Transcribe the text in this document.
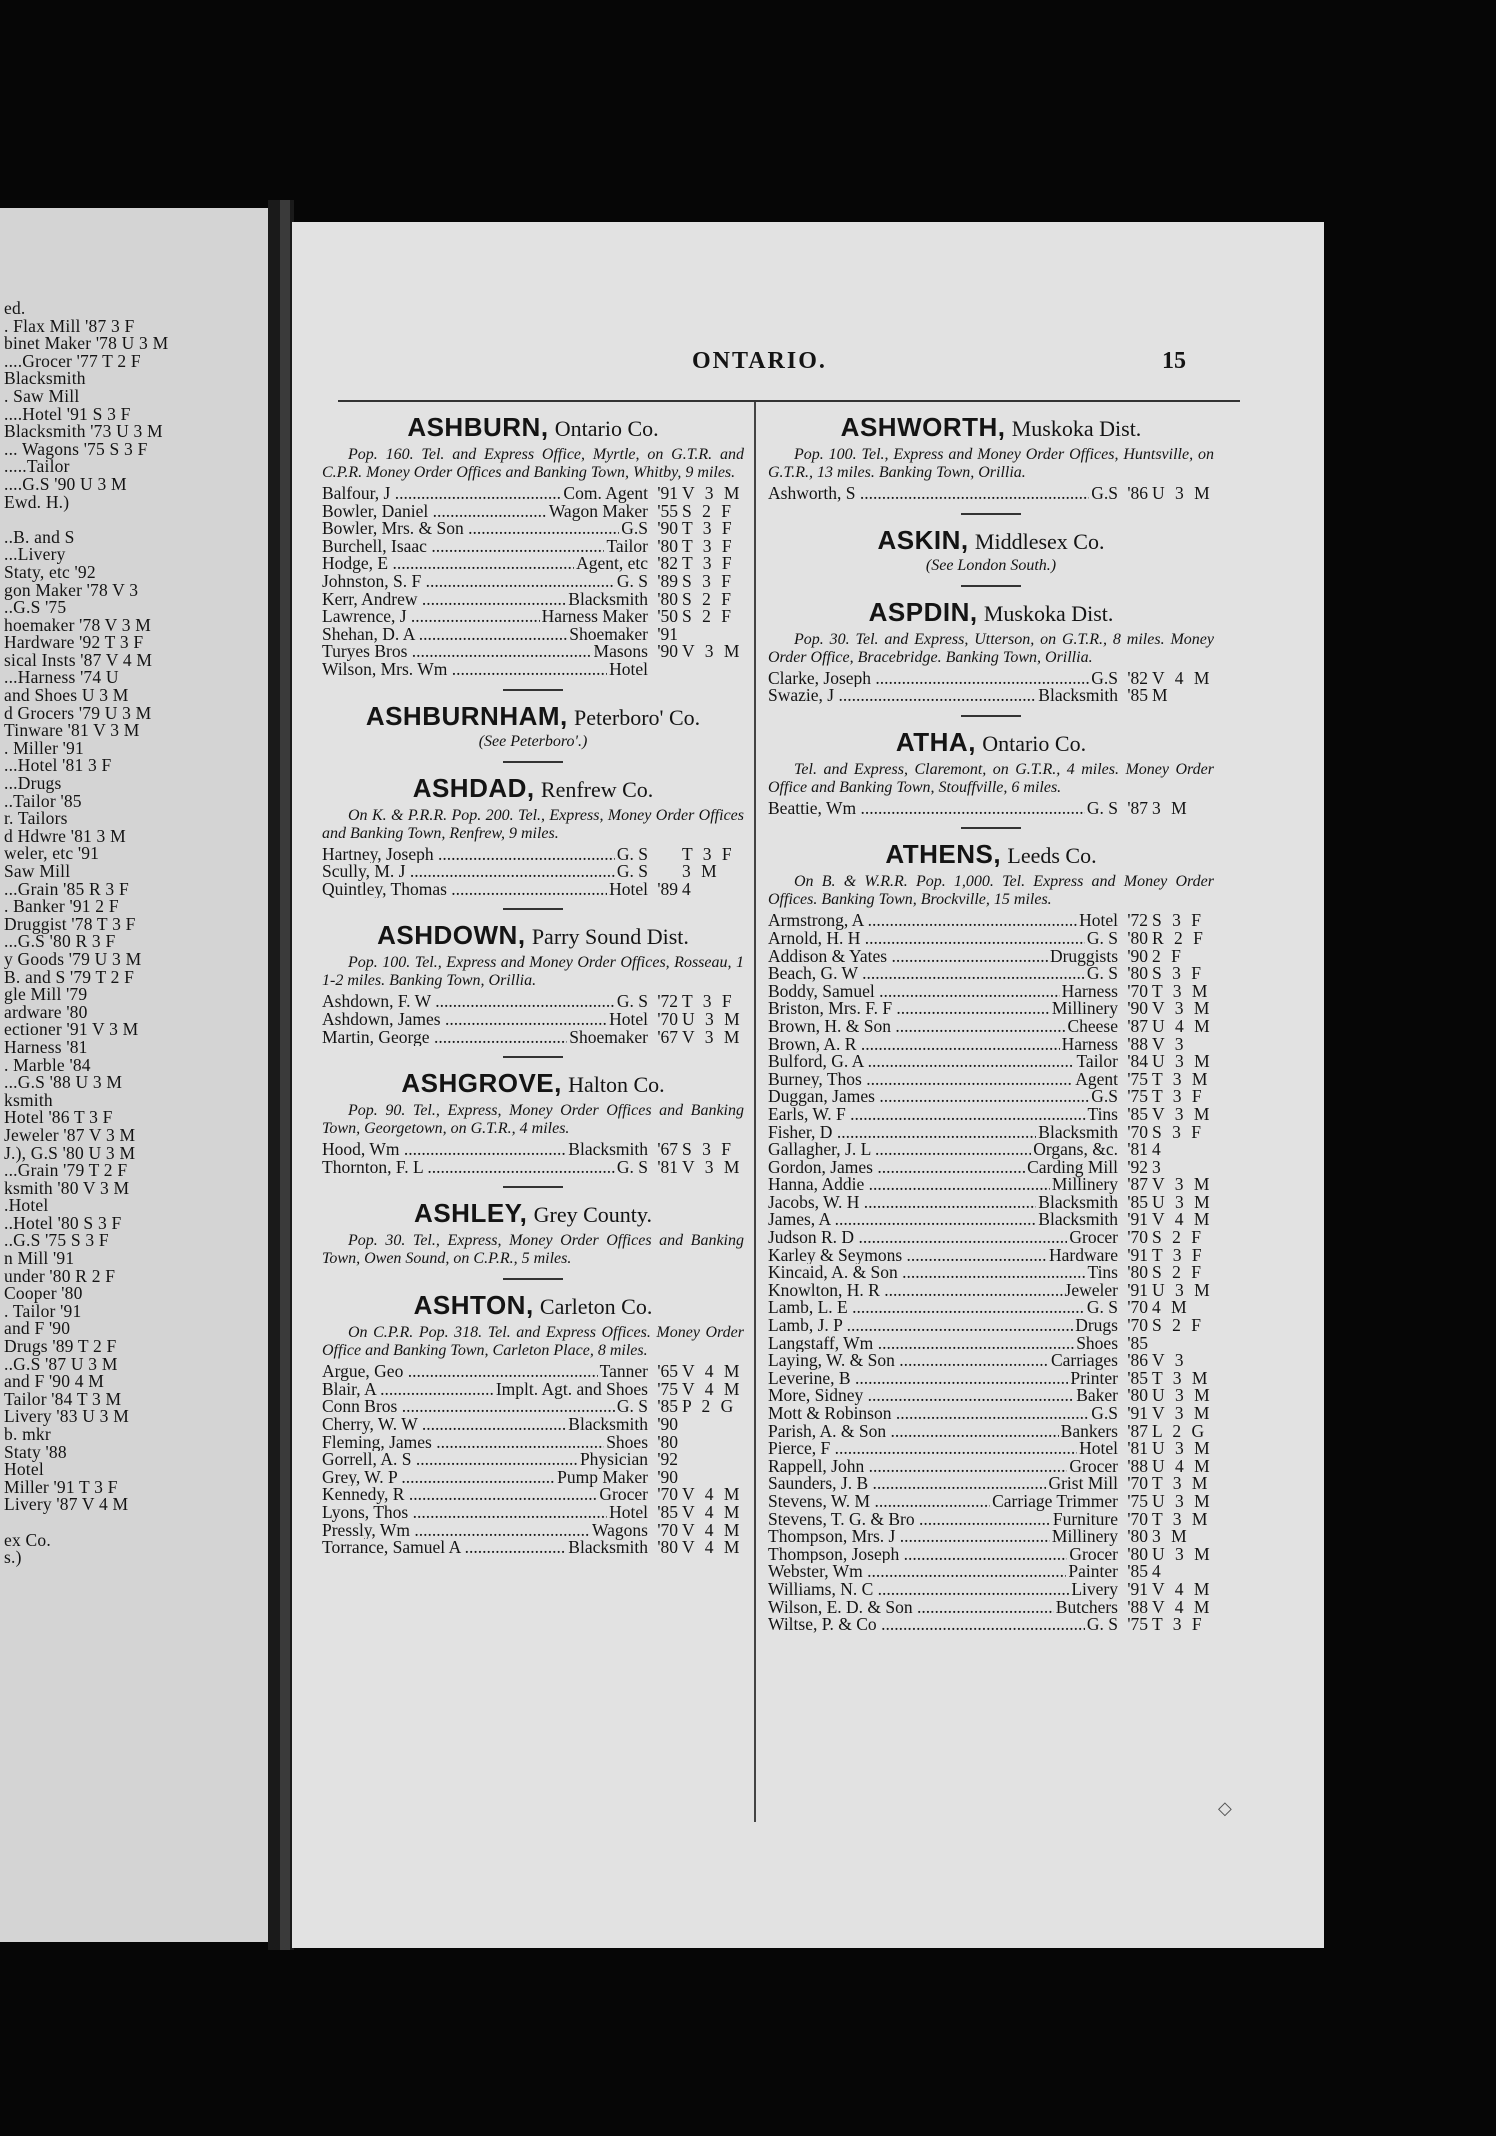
ed.
. Flax Mill '87 3 F
binet Maker '78 U 3 M
....Grocer '77 T 2 F
Blacksmith
. Saw Mill
....Hotel '91 S 3 F
Blacksmith '73 U 3 M
... Wagons '75 S 3 F
.....Tailor
....G.S '90 U 3 M
Ewd. H.)
..B. and S
...Livery
Staty, etc '92
gon Maker '78 V 3
..G.S '75
hoemaker '78 V 3 M
Hardware '92 T 3 F
sical Insts '87 V 4 M
...Harness '74 U
and Shoes U 3 M
d Grocers '79 U 3 M
Tinware '81 V 3 M
. Miller '91
...Hotel '81 3 F
...Drugs
..Tailor '85
r. Tailors
d Hdwre '81 3 M
weler, etc '91
Saw Mill
...Grain '85 R 3 F
. Banker '91 2 F
Druggist '78 T 3 F
...G.S '80 R 3 F
y Goods '79 U 3 M
B. and S '79 T 2 F
gle Mill '79
ardware '80
ectioner '91 V 3 M
Harness '81
. Marble '84
...G.S '88 U 3 M
ksmith
Hotel '86 T 3 F
Jeweler '87 V 3 M
J.), G.S '80 U 3 M
...Grain '79 T 2 F
ksmith '80 V 3 M
.Hotel
..Hotel '80 S 3 F
..G.S '75 S 3 F
n Mill '91
under '80 R 2 F
Cooper '80
. Tailor '91
and F '90
Drugs '89 T 2 F
..G.S '87 U 3 M
and F '90 4 M
Tailor '84 T 3 M
Livery '83 U 3 M
b. mkr
Staty '88
Hotel
Miller '91 T 3 F
Livery '87 V 4 M
ex Co.
s.)
ONTARIO.	15
ASHBURN, Ontario Co.
Pop. 160. Tel. and Express Office, Myrtle, on G.T.R. and C.P.R. Money Order Offices and Banking Town, Whitby, 9 miles.
Balfour, J .....	Com. Agent '91 V 3 M
Bowler, Daniel .....	Wagon Maker '55 S 2 F
Bowler, Mrs. & Son .....	G.S '90 T 3 F
Burchell, Isaac .....	Tailor '80 T 3 F
Hodge, E .....	Agent, etc '82 T 3 F
Johnston, S. F .....	G. S '89 S 3 F
Kerr, Andrew .....	Blacksmith '80 S 2 F
Lawrence, J .....	Harness Maker '50 S 2 F
Shehan, D. A .....	Shoemaker '91
Turyes Bros .....	Masons '90 V 3 M
Wilson, Mrs. Wm .....	Hotel
ASHBURNHAM, Peterboro' Co.
(See Peterboro'.)
ASHDAD, Renfrew Co.
On K. & P.R.R. Pop. 200. Tel., Express, Money Order Offices and Banking Town, Renfrew, 9 miles.
Hartney, Joseph .....	G. S T 3 F
Scully, M. J .....	G. S 3 M
Quintley, Thomas .....	Hotel '89 4
ASHDOWN, Parry Sound Dist.
Pop. 100. Tel., Express and Money Order Offices, Rosseau, 1 1-2 miles. Banking Town, Orillia.
Ashdown, F. W .....	G. S '72 T 3 F
Ashdown, James .....	Hotel '70 U 3 M
Martin, George .....	Shoemaker '67 V 3 M
ASHGROVE, Halton Co.
Pop. 90. Tel., Express, Money Order Offices and Banking Town, Georgetown, on G.T.R., 4 miles.
Hood, Wm .....	Blacksmith '67 S 3 F
Thornton, F. L .....	G. S '81 V 3 M
ASHLEY, Grey County.
Pop. 30. Tel., Express, Money Order Offices and Banking Town, Owen Sound, on C.P.R., 5 miles.
ASHTON, Carleton Co.
On C.P.R. Pop. 318. Tel. and Express Offices. Money Order Office and Banking Town, Carleton Place, 8 miles.
Argue, Geo .....	Tanner '65 V 4 M
Blair, A .....	Implt. Agt. and Shoes '75 V 4 M
Conn Bros .....	G. S '85 P 2 G
Cherry, W. W .....	Blacksmith '90
Fleming, James .....	Shoes '80
Gorrell, A. S .....	Physician '92
Grey, W. P .....	Pump Maker '90
Kennedy, R .....	Grocer '70 V 4 M
Lyons, Thos .....	Hotel '85 V 4 M
Pressly, Wm .....	Wagons '70 V 4 M
Torrance, Samuel A .....	Blacksmith '80 V 4 M
ASHWORTH, Muskoka Dist.
Pop. 100. Tel., Express and Money Order Offices, Huntsville, on G.T.R., 13 miles. Banking Town, Orillia.
Ashworth, S .....	G.S '86 U 3 M
ASKIN, Middlesex Co.
(See London South.)
ASPDIN, Muskoka Dist.
Pop. 30. Tel. and Express, Utterson, on G.T.R., 8 miles. Money Order Office, Bracebridge. Banking Town, Orillia.
Clarke, Joseph .....	G.S '82 V 4 M
Swazie, J .....	Blacksmith '85 M
ATHA, Ontario Co.
Tel. and Express, Claremont, on G.T.R., 4 miles. Money Order Office and Banking Town, Stouffville, 6 miles.
Beattie, Wm .....	G. S '87 3 M
ATHENS, Leeds Co.
On B. & W.R.R. Pop. 1,000. Tel. Express and Money Order Offices. Banking Town, Brockville, 15 miles.
Armstrong, A .....	Hotel '72 S 3 F
Arnold, H. H .....	G. S '80 R 2 F
Addison & Yates .....	Druggists '90 2 F
Beach, G. W .....	G. S '80 S 3 F
Boddy, Samuel .....	Harness '70 T 3 M
Briston, Mrs. F. F .....	Millinery '90 V 3 M
Brown, H. & Son .....	Cheese '87 U 4 M
Brown, A. R .....	Harness '88 V 3
Bulford, G. A .....	Tailor '84 U 3 M
Burney, Thos .....	Agent '75 T 3 M
Duggan, James .....	G.S '75 T 3 F
Earls, W. F .....	Tins '85 V 3 M
Fisher, D .....	Blacksmith '70 S 3 F
Gallagher, J. L .....	Organs, &c. '81 4
Gordon, James .....	Carding Mill '92 3
Hanna, Addie .....	Millinery '87 V 3 M
Jacobs, W. H .....	Blacksmith '85 U 3 M
James, A .....	Blacksmith '91 V 4 M
Judson R. D .....	Grocer '70 S 2 F
Karley & Seymons .....	Hardware '91 T 3 F
Kincaid, A. & Son .....	Tins '80 S 2 F
Knowlton, H. R .....	Jeweler '91 U 3 M
Lamb, L. E .....	G. S '70 4 M
Lamb, J. P .....	Drugs '70 S 2 F
Langstaff, Wm .....	Shoes '85
Laying, W. & Son .....	Carriages '86 V 3
Leverine, B .....	Printer '85 T 3 M
More, Sidney .....	Baker '80 U 3 M
Mott & Robinson .....	G.S '91 V 3 M
Parish, A. & Son .....	Bankers '87 L 2 G
Pierce, F .....	Hotel '81 U 3 M
Rappell, John .....	Grocer '88 U 4 M
Saunders, J. B .....	Grist Mill '70 T 3 M
Stevens, W. M .....	Carriage Trimmer '75 U 3 M
Stevens, T. G. & Bro .....	Furniture '70 T 3 M
Thompson, Mrs. J .....	Millinery '80 3 M
Thompson, Joseph .....	Grocer '80 U 3 M
Webster, Wm .....	Painter '85 4
Williams, N. C .....	Livery '91 V 4 M
Wilson, E. D. & Son .....	Butchers '88 V 4 M
Wiltse, P. & Co .....	G. S '75 T 3 F
◇
